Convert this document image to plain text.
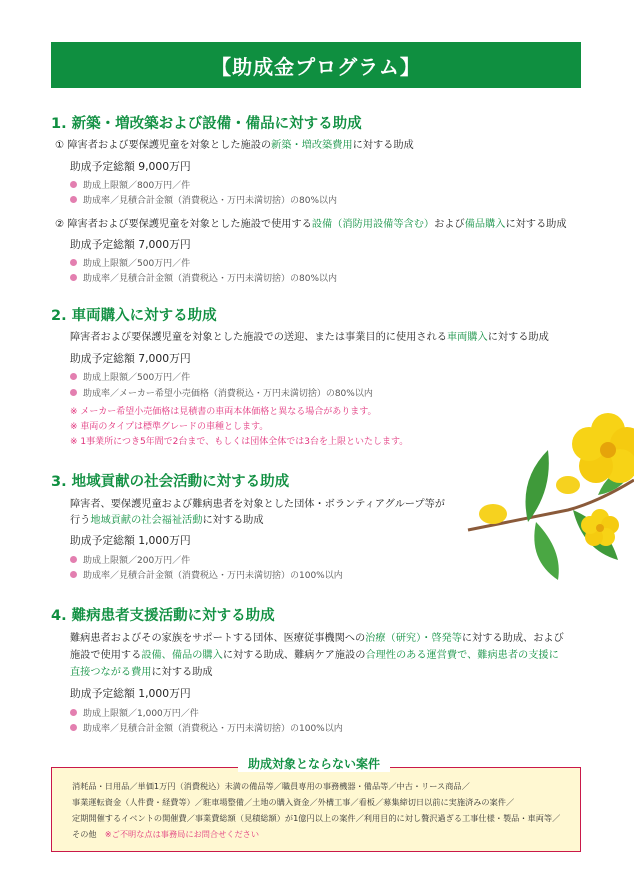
【助成金プログラム】
1. 新築・増改築および設備・備品に対する助成
① 障害者および要保護児童を対象とした施設の新築・増改築費用に対する助成
助成予定総額 9,000万円
助成上限額／800万円／件
助成率／見積合計金額（消費税込・万円未満切捨）の80%以内
② 障害者および要保護児童を対象とした施設で使用する設備（消防用設備等含む）および備品購入に対する助成
助成予定総額 7,000万円
助成上限額／500万円／件
助成率／見積合計金額（消費税込・万円未満切捨）の80%以内
2. 車両購入に対する助成
障害者および要保護児童を対象とした施設での送迎、または事業目的に使用される車両購入に対する助成
助成予定総額 7,000万円
助成上限額／500万円／件
助成率／メーカー希望小売価格（消費税込・万円未満切捨）の80%以内
※ メーカー希望小売価格は見積書の車両本体価格と異なる場合があります。
※ 車両のタイプは標準グレードの車種とします。
※ 1事業所につき5年間で2台まで、もしくは団体全体では3台を上限といたします。
3. 地域貢献の社会活動に対する助成
障害者、要保護児童および難病患者を対象とした団体・ボランティアグループ等が
行う地域貢献の社会福祉活動に対する助成
助成予定総額 1,000万円
助成上限額／200万円／件
助成率／見積合計金額（消費税込・万円未満切捨）の100%以内
4. 難病患者支援活動に対する助成
難病患者およびその家族をサポートする団体、医療従事機関への治療（研究）・啓発等に対する助成、および
施設で使用する設備、備品の購入に対する助成、難病ケア施設の合理性のある運営費で、難病患者の支援に
直接つながる費用に対する助成
助成予定総額 1,000万円
助成上限額／1,000万円／件
助成率／見積合計金額（消費税込・万円未満切捨）の100%以内
助成対象とならない案件
消耗品・日用品／単価1万円（消費税込）未満の備品等／職員専用の事務機器・備品等／中古・リース商品／
事業運転資金（人件費・経費等）／駐車場整備／土地の購入資金／外構工事／看板／募集締切日以前に実施済みの案件／
定期開催するイベントの開催費／事業費総額（見積総額）が1億円以上の案件／利用目的に対し贅沢過ぎる工事仕様・製品・車両等／
その他　※ご不明な点は事務局にお問合せください
